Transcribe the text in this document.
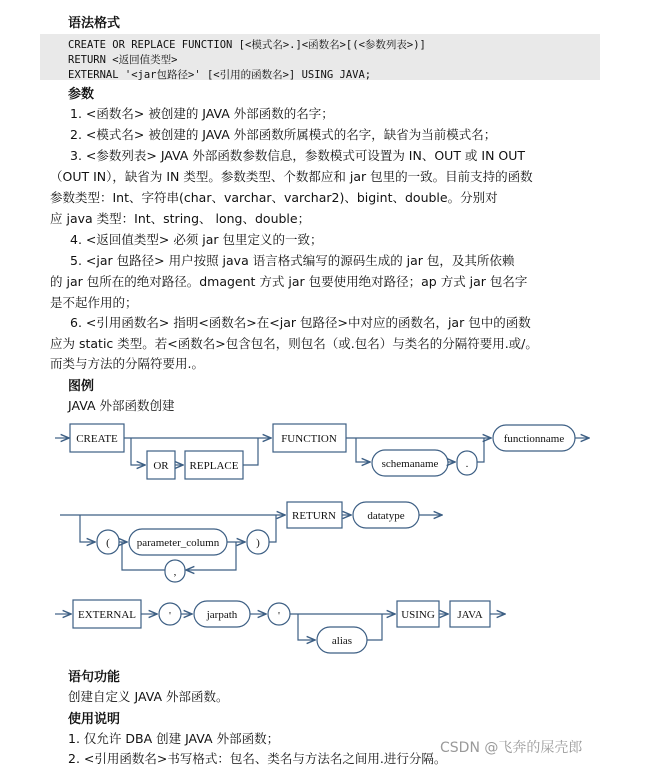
语法格式
CREATE OR REPLACE FUNCTION [<模式名>.]<函数名>[(<参数列表>)]
RETURN <返回值类型>
EXTERNAL '<jar包路径>' [<引用的函数名>] USING JAVA;
参数
1. <函数名> 被创建的 JAVA 外部函数的名字；
2. <模式名> 被创建的 JAVA 外部函数所属模式的名字，缺省为当前模式名；
3. <参数列表> JAVA 外部函数参数信息，参数模式可设置为 IN、OUT 或 IN OUT
（OUT IN），缺省为 IN 类型。参数类型、个数都应和 jar 包里的一致。目前支持的函数
参数类型：Int、字符串(char、varchar、varchar2)、bigint、double。分别对
应 java 类型：Int、string、 long、double；
4. <返回值类型> 必须 jar 包里定义的一致；
5. <jar 包路径> 用户按照 java 语言格式编写的源码生成的 jar 包，及其所依赖
的 jar 包所在的绝对路径。dmagent 方式 jar 包要使用绝对路径；ap 方式 jar 包名字
是不起作用的；
6. <引用函数名> 指明<函数名>在<jar 包路径>中对应的函数名，jar 包中的函数
应为 static 类型。若<函数名>包含包名，则包名（或.包名）与类名的分隔符要用.或/。
而类与方法的分隔符要用.。
图例
JAVA 外部函数创建
CREATE
OR REPLACE
FUNCTION
schemaname .
functionname
( parameter_column
,
)
RETURN	datatype
EXTERNAL	'	jarpath	'
alias
USING JAVA
语句功能
创建自定义 JAVA 外部函数。
使用说明
1. 仅允许 DBA 创建 JAVA 外部函数；
2. <引用函数名>书写格式：包名、类名与方法名之间用.进行分隔。
CSDN @飞奔的屎壳郎
